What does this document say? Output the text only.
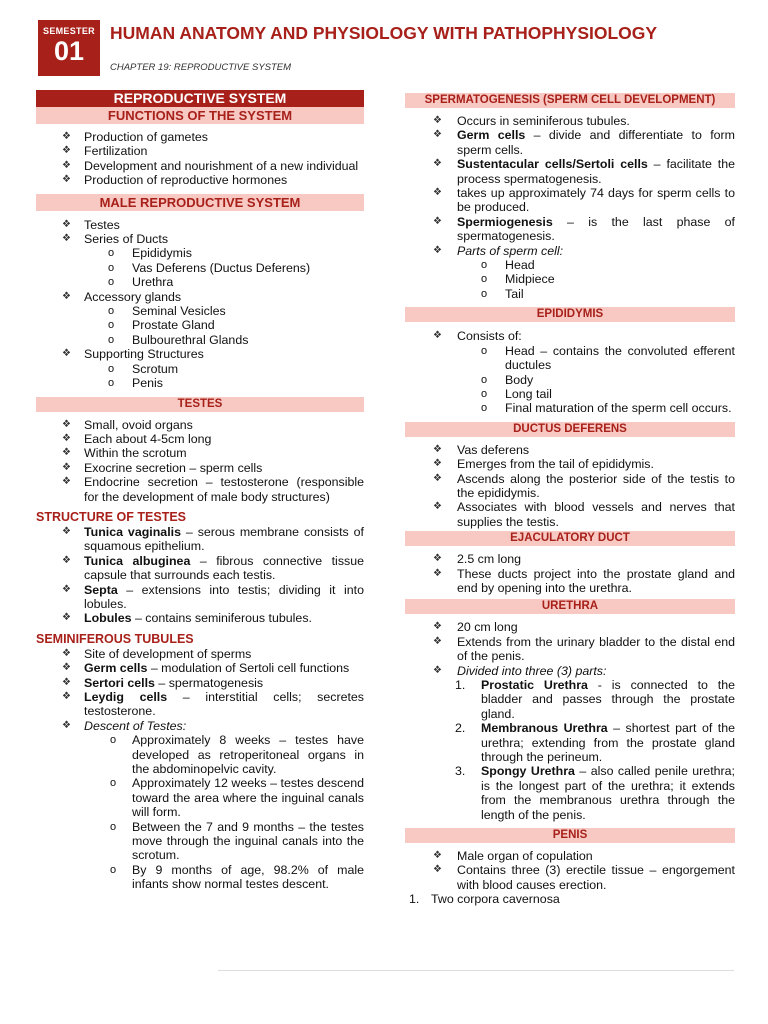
SEMESTER
01
HUMAN ANATOMY AND PHYSIOLOGY WITH PATHOPHYSIOLOGY
CHAPTER 19: REPRODUCTIVE SYSTEM
REPRODUCTIVE SYSTEM
FUNCTIONS OF THE SYSTEM
❖ Production of gametes
❖ Fertilization
❖ Development and nourishment of a new individual
❖ Production of reproductive hormones
MALE REPRODUCTIVE SYSTEM
❖ Testes
❖ Series of Ducts
o Epididymis
o Vas Deferens (Ductus Deferens)
o Urethra
❖ Accessory glands
o Seminal Vesicles
o Prostate Gland
o Bulbourethral Glands
❖ Supporting Structures
o Scrotum
o Penis
TESTES
❖ Small, ovoid organs
❖ Each about 4-5cm long
❖ Within the scrotum
❖ Exocrine secretion – sperm cells
❖ Endocrine secretion – testosterone (responsible for the development of male body structures)
STRUCTURE OF TESTES
❖ Tunica vaginalis – serous membrane consists of squamous epithelium.
❖ Tunica albuginea – fibrous connective tissue capsule that surrounds each testis.
❖ Septa – extensions into testis; dividing it into lobules.
❖ Lobules – contains seminiferous tubules.
SEMINIFEROUS TUBULES
❖ Site of development of sperms
❖ Germ cells – modulation of Sertoli cell functions
❖ Sertori cells – spermatogenesis
❖ Leydig cells – interstitial cells; secretes testosterone.
❖ Descent of Testes:
o Approximately 8 weeks – testes have developed as retroperitoneal organs in the abdominopelvic cavity.
o Approximately 12 weeks – testes descend toward the area where the inguinal canals will form.
o Between the 7 and 9 months – the testes move through the inguinal canals into the scrotum.
o By 9 months of age, 98.2% of male infants show normal testes descent.
SPERMATOGENESIS (SPERM CELL DEVELOPMENT)
❖ Occurs in seminiferous tubules.
❖ Germ cells – divide and differentiate to form sperm cells.
❖ Sustentacular cells/Sertoli cells – facilitate the process spermatogenesis.
❖ takes up approximately 74 days for sperm cells to be produced.
❖ Spermiogenesis – is the last phase of spermatogenesis.
❖ Parts of sperm cell:
o Head
o Midpiece
o Tail
EPIDIDYMIS
❖ Consists of:
o Head – contains the convoluted efferent ductules
o Body
o Long tail
o Final maturation of the sperm cell occurs.
DUCTUS DEFERENS
❖ Vas deferens
❖ Emerges from the tail of epididymis.
❖ Ascends along the posterior side of the testis to the epididymis.
❖ Associates with blood vessels and nerves that supplies the testis.
EJACULATORY DUCT
❖ 2.5 cm long
❖ These ducts project into the prostate gland and end by opening into the urethra.
URETHRA
❖ 20 cm long
❖ Extends from the urinary bladder to the distal end of the penis.
❖ Divided into three (3) parts:
1. Prostatic Urethra - is connected to the bladder and passes through the prostate gland.
2. Membranous Urethra – shortest part of the urethra; extending from the prostate gland through the perineum.
3. Spongy Urethra – also called penile urethra; is the longest part of the urethra; it extends from the membranous urethra through the length of the penis.
PENIS
❖ Male organ of copulation
❖ Contains three (3) erectile tissue – engorgement with blood causes erection.
1. Two corpora cavernosa
